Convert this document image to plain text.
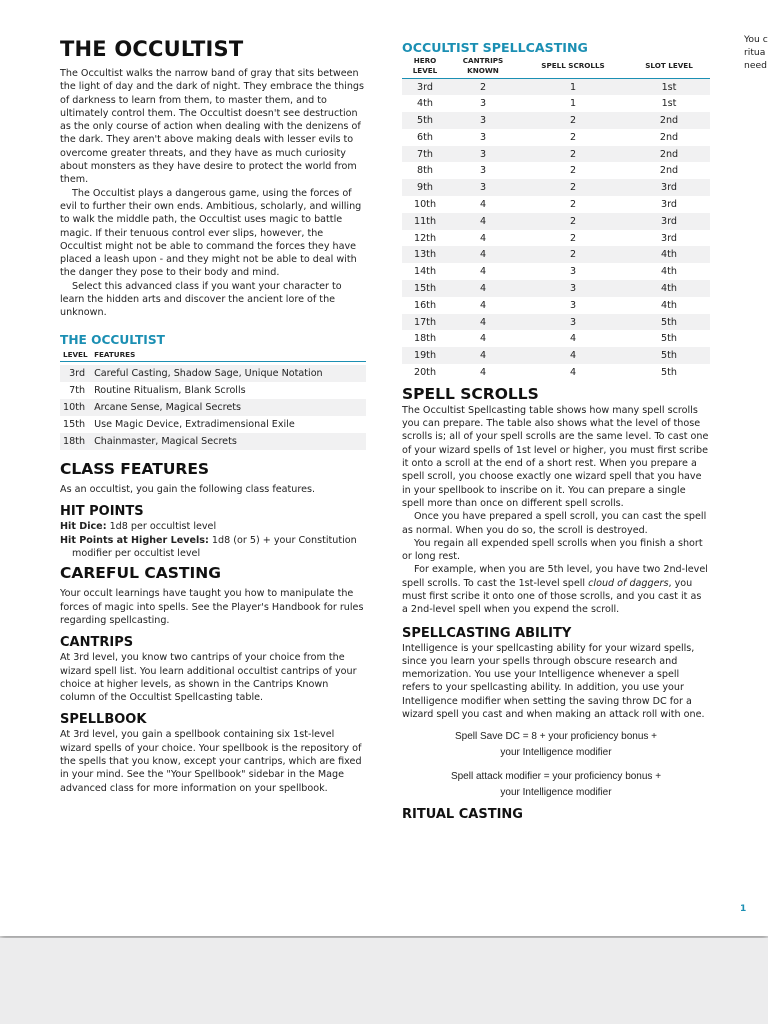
THE OCCULTIST

The Occultist walks the narrow band of gray that sits between the light of day and the dark of night. They embrace the things of darkness to learn from them, to master them, and to ultimately control them. The Occultist doesn't see destruction as the only course of action when dealing with the denizens of the dark. They aren't above making deals with lesser evils to overcome greater threats, and they have as much curiosity about monsters as they have desire to protect the world from them.

The Occultist plays a dangerous game, using the forces of evil to further their own ends. Ambitious, scholarly, and willing to walk the middle path, the Occultist uses magic to battle magic. If their tenuous control ever slips, however, the Occultist might not be able to command the forces they have placed a leash upon - and they might not be able to deal with the danger they pose to their body and mind.

Select this advanced class if you want your character to learn the hidden arts and discover the ancient lore of the unknown.

THE OCCULTIST
LEVEL	FEATURES

3rd	Careful Casting, Shadow Sage, Unique Notation
7th	Routine Ritualism, Blank Scrolls
10th	Arcane Sense, Magical Secrets
15th	Use Magic Device, Extradimensional Exile
18th	Chainmaster, Magical Secrets
CLASS FEATURES

As an occultist, you gain the following class features.

HIT POINTS

Hit Dice: 1d8 per occultist level

Hit Points at Higher Levels: 1d8 (or 5) + your Constitution modifier per occultist level

CAREFUL CASTING

Your occult learnings have taught you how to manipulate the forces of magic into spells. See the Player's Handbook for rules regarding spellcasting.

CANTRIPS

At 3rd level, you know two cantrips of your choice from the wizard spell list. You learn additional occultist cantrips of your choice at higher levels, as shown in the Cantrips Known column of the Occultist Spellcasting table.

SPELLBOOK

At 3rd level, you gain a spellbook containing six 1st-level wizard spells of your choice. Your spellbook is the repository of the spells that you know, except your cantrips, which are fixed in your mind. See the "Your Spellbook" sidebar in the Mage advanced class for more information on your spellbook.

OCCULTIST SPELLCASTING
HERO LEVEL	CANTRIPS KNOWN	SPELL SCROLLS	SLOT LEVEL
3rd	2	1	1st
4th	3	1	1st
5th	3	2	2nd
6th	3	2	2nd
7th	3	2	2nd
8th	3	2	2nd
9th	3	2	3rd
10th	4	2	3rd
11th	4	2	3rd
12th	4	2	3rd
13th	4	2	4th
14th	4	3	4th
15th	4	3	4th
16th	4	3	4th
17th	4	3	5th
18th	4	4	5th
19th	4	4	5th
20th	4	4	5th
SPELL SCROLLS

The Occultist Spellcasting table shows how many spell scrolls you can prepare. The table also shows what the level of those scrolls is; all of your spell scrolls are the same level. To cast one of your wizard spells of 1st level or higher, you must first scribe it onto a scroll at the end of a short rest. When you prepare a spell scroll, you choose exactly one wizard spell that you have in your spellbook to inscribe on it. You can prepare a single spell more than once on different spell scrolls.

Once you have prepared a spell scroll, you can cast the spell as normal. When you do so, the scroll is destroyed.

You regain all expended spell scrolls when you finish a short or long rest.

For example, when you are 5th level, you have two 2nd-level spell scrolls. To cast the 1st-level spell cloud of daggers, you must first scribe it onto one of those scrolls, and you cast it as a 2nd-level spell when you expend the scroll.

SPELLCASTING ABILITY

Intelligence is your spellcasting ability for your wizard spells, since you learn your spells through obscure research and memorization. You use your Intelligence whenever a spell refers to your spellcasting ability. In addition, you use your Intelligence modifier when setting the saving throw DC for a wizard spell you cast and when making an attack roll with one.

Spell Save DC = 8 + your proficiency bonus +
your Intelligence modifier
Spell attack modifier = your proficiency bonus +
your Intelligence modifier
RITUAL CASTING
You c
ritua
need
1
